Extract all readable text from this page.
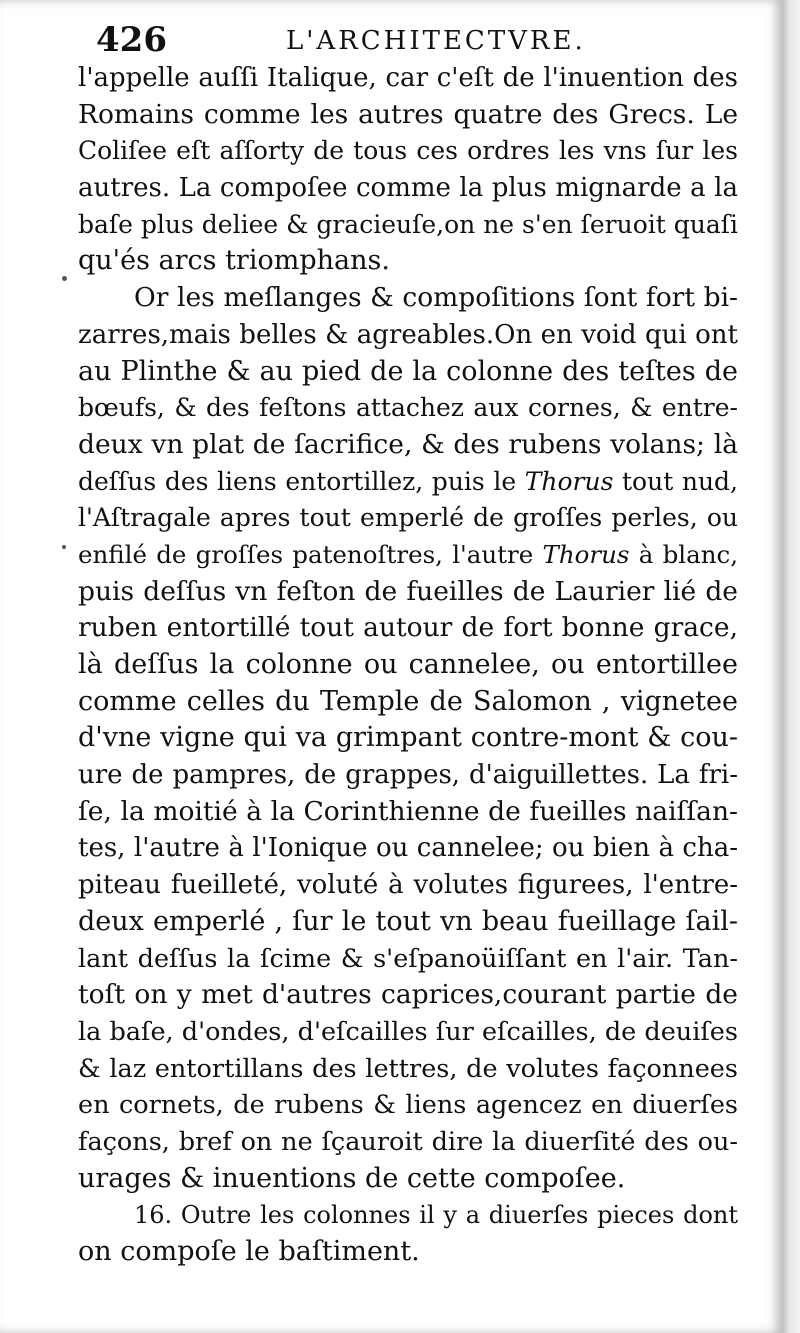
426	L'ARCHITECTVRE.
l'appelle auſſi Italique, car c'eſt de l'inuention des
Romains comme les autres quatre des Grecs. Le
Coliſee eſt aſſorty de tous ces ordres les vns ſur les
autres. La compoſee comme la plus mignarde a la
baſe plus deliee & gracieuſe,on ne s'en ſeruoit quaſi
qu'és arcs triomphans.
Or les meſlanges & compoſitions ſont fort bi-
zarres,mais belles & agreables.On en void qui ont
au Plinthe & au pied de la colonne des teſtes de
bœufs, & des feſtons attachez aux cornes, & entre-
deux vn plat de ſacrifice, & des rubens volans; là
deſſus des liens entortillez, puis le Thorus tout nud,
l'Aſtragale apres tout emperlé de groſſes perles, ou
enfilé de groſſes patenoſtres, l'autre Thorus à blanc,
puis deſſus vn feſton de fueilles de Laurier lié de
ruben entortillé tout autour de fort bonne grace,
là deſſus la colonne ou cannelee, ou entortillee
comme celles du Temple de Salomon , vignetee
d'vne vigne qui va grimpant contre-mont & cou-
ure de pampres, de grappes, d'aiguillettes. La fri-
ſe, la moitié à la Corinthienne de fueilles naiſſan-
tes, l'autre à l'Ionique ou cannelee; ou bien à cha-
piteau fueilleté, voluté à volutes figurees, l'entre-
deux emperlé , ſur le tout vn beau fueillage ſail-
lant deſſus la ſcime & s'eſpanoüiſſant en l'air. Tan-
toſt on y met d'autres caprices,courant partie de
la baſe, d'ondes, d'eſcailles ſur eſcailles, de deuiſes
& laz entortillans des lettres, de volutes façonnees
en cornets, de rubens & liens agencez en diuerſes
façons, bref on ne ſçauroit dire la diuerſité des ou-
urages & inuentions de cette compoſee.
16. Outre les colonnes il y a diuerſes pieces dont
on compoſe le baſtiment.
